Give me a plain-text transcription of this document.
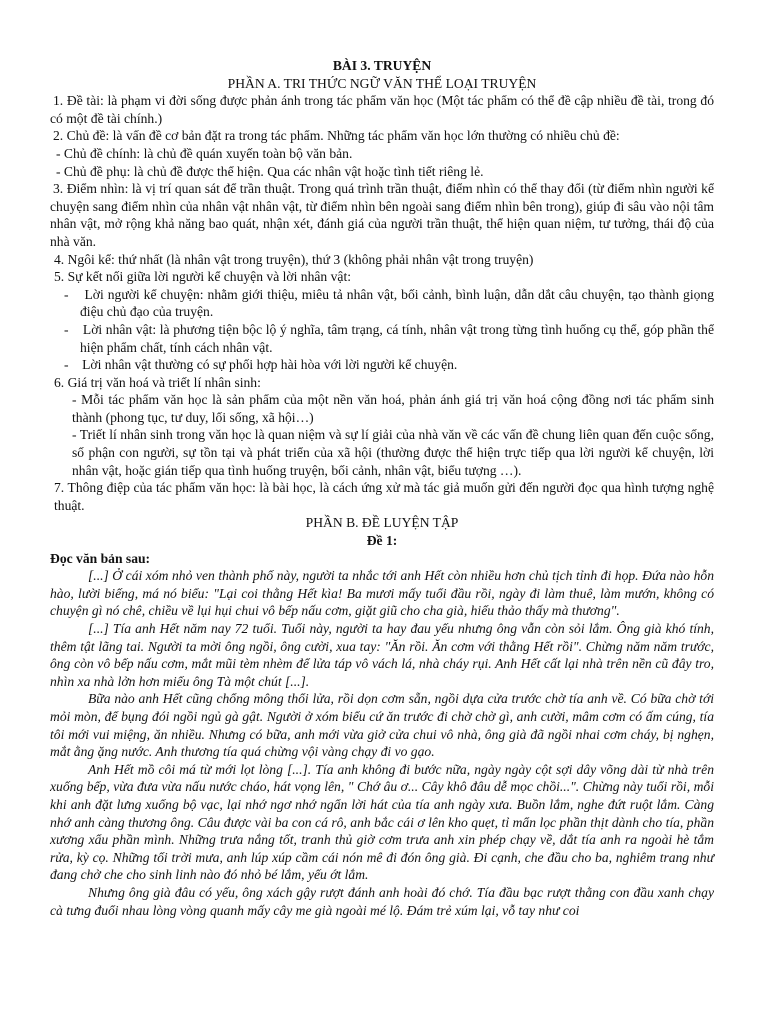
BÀI 3. TRUYỆN
PHẦN A. TRI THỨC NGỮ VĂN THỂ LOẠI TRUYỆN

1. Đề tài: là phạm vi đời sống được phản ánh trong tác phẩm văn học (Một tác phẩm có thể đề cập nhiều đề tài, trong đó có một đề tài chính.)

2. Chủ đề: là vấn đề cơ bản đặt ra trong tác phẩm. Những tác phẩm văn học lớn thường có nhiều chủ đề:

- Chủ đề chính: là chủ đề quán xuyến toàn bộ văn bản.

- Chủ đề phụ: là chủ đề được thể hiện. Qua các nhân vật hoặc tình tiết riêng lẻ.

3. Điểm nhìn: là vị trí quan sát để trần thuật. Trong quá trình trần thuật, điểm nhìn có thể thay đổi (từ điểm nhìn người kể chuyện sang điểm nhìn của nhân vật nhân vật, từ điểm nhìn bên ngoài sang điểm nhìn bên trong), giúp đi sâu vào nội tâm nhân vật, mở rộng khả năng bao quát, nhận xét, đánh giá của người trần thuật, thể hiện quan niệm, tư tưởng, thái độ của nhà văn.

4. Ngôi kể: thứ nhất (là nhân vật trong truyện), thứ 3 (không phải nhân vật trong truyện)

5. Sự kết nối giữa lời người kể chuyện và lời nhân vật:

- Lời người kể chuyện: nhằm giới thiệu, miêu tả nhân vật, bối cảnh, bình luận, dẫn dắt câu chuyện, tạo thành giọng điệu chủ đạo của truyện.

- Lời nhân vật: là phương tiện bộc lộ ý nghĩa, tâm trạng, cá tính, nhân vật trong từng tình huống cụ thể, góp phần thể hiện phẩm chất, tính cách nhân vật.

- Lời nhân vật thường có sự phối hợp hài hòa với lời người kể chuyện.

6. Giá trị văn hoá và triết lí nhân sinh:

- Mỗi tác phẩm văn học là sản phẩm của một nền văn hoá, phản ánh giá trị văn hoá cộng đồng nơi tác phẩm sinh thành (phong tục, tư duy, lối sống, xã hội…)

- Triết lí nhân sinh trong văn học là quan niệm và sự lí giải của nhà văn về các vấn đề chung liên quan đến cuộc sống, số phận con người, sự tồn tại và phát triển của xã hội (thường được thể hiện trực tiếp qua lời người kể chuyện, lời nhân vật, hoặc gián tiếp qua tình huống truyện, bối cảnh, nhân vật, biểu tượng …).

7. Thông điệp của tác phẩm văn học: là bài học, là cách ứng xử mà tác giả muốn gửi đến người đọc qua hình tượng nghệ thuật.

PHẦN B. ĐỀ LUYỆN TẬP
Đề 1:
Đọc văn bản sau:

[...] Ở cái xóm nhỏ ven thành phố này, người ta nhắc tới anh Hết còn nhiều hơn chủ tịch tỉnh đi họp. Đứa nào hỗn hào, lười biếng, má nó biểu: "Lại coi thằng Hết kìa! Ba mươi mấy tuổi đầu rồi, ngày đi làm thuê, làm mướn, không có chuyện gì nó chê, chiều về lụi hụi chui vô bếp nấu cơm, giặt giũ cho cha già, hiếu thảo thấy mà thương".

[...] Tía anh Hết năm nay 72 tuổi. Tuổi này, người ta hay đau yếu nhưng ông vẫn còn sỏi lắm. Ông già khó tính, thêm tật lãng tai. Người ta mời ông ngồi, ông cười, xua tay: "Ăn rồi. Ăn cơm với thằng Hết rồi". Chừng năm năm trước, ông còn vô bếp nấu cơm, mắt mũi tèm nhèm để lửa táp vô vách lá, nhà cháy rụi. Anh Hết cất lại nhà trên nền cũ đây tro, nhìn xa nhà lởn hơn miếu ông Tà một chút [...].

Bữa nào anh Hết cũng chổng mông thổi lửa, rồi dọn cơm sẵn, ngồi dựa cửa trước chờ tía anh về. Có bữa chờ tới mỏi mòn, để bụng đói ngồi ngủ gà gật. Người ở xóm biểu cứ ăn trước đi chờ chờ gì, anh cười, mâm cơm có ấm cúng, tía tôi mới vui miệng, ăn nhiều. Nhưng có bữa, anh mới vừa giở cửa chui vô nhà, ông già đã ngồi nhai cơm cháy, bị nghẹn, mắt ằng ặng nước. Anh thương tía quá chừng vội vàng chạy đi vo gạo.

Anh Hết mồ côi má từ mới lọt lòng [...]. Tía anh không đi bước nữa, ngày ngày cột sợi dây võng dài từ nhà trên xuống bếp, vừa đưa vừa nấu nước cháo, hát vọng lên, " Chớ âu ơ... Cây khô đâu dễ mọc chồi...". Chừng này tuổi rồi, mỗi khi anh đặt lưng xuống bộ vạc, lại nhớ ngơ nhớ ngẩn lời hát của tía anh ngày xưa. Buồn lắm, nghe đứt ruột lắm. Càng nhớ anh càng thương ông. Câu được vài ba con cá rô, anh bắc cái ơ lên kho quẹt, tỉ mẩn lọc phần thịt dành cho tía, phần xương xẩu phần mình. Những trưa nắng tốt, tranh thủ giờ cơm trưa anh xin phép chạy về, dắt tía anh ra ngoài hè tắm rửa, kỳ cọ. Những tối trời mưa, anh lúp xúp cầm cái nón mê đi đón ông già. Đi cạnh, che đầu cho ba, nghiêm trang như đang chở che cho sinh linh nào đó nhỏ bé lắm, yếu ớt lắm.

Nhưng ông già đâu có yếu, ông xách gậy rượt đánh anh hoài đó chớ. Tía đầu bạc rượt thằng con đầu xanh chạy cà tưng đuổi nhau lòng vòng quanh mấy cây me già ngoài mé lộ. Đám trẻ xúm lại, vỗ tay như coi
